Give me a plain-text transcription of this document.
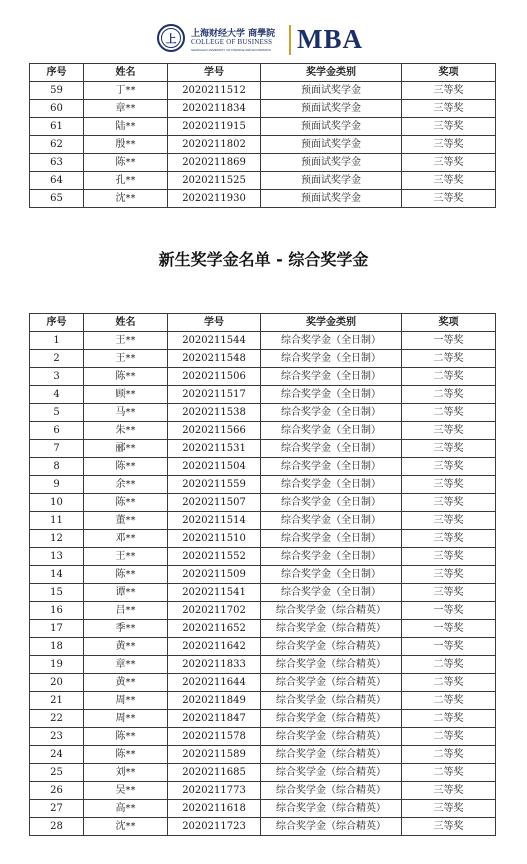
上 上海财经大学 商學院
COLLEGE OF BUSINESS
SHANGHAI UNIVERSITY OF FINANCE AND ECONOMICS MBA
序号	姓名	学号	奖学金类别	奖项
59	丁**	2020211512	预面试奖学金	三等奖
60	章**	2020211834	预面试奖学金	三等奖
61	陆**	2020211915	预面试奖学金	三等奖
62	殷**	2020211802	预面试奖学金	三等奖
63	陈**	2020211869	预面试奖学金	三等奖
64	孔**	2020211525	预面试奖学金	三等奖
65	沈**	2020211930	预面试奖学金	三等奖
新生奖学金名单 - 综合奖学金
序号	姓名	学号	奖学金类别	奖项
1	王**	2020211544	综合奖学金（全日制）	一等奖
2	王**	2020211548	综合奖学金（全日制）	二等奖
3	陈**	2020211506	综合奖学金（全日制）	二等奖
4	顾**	2020211517	综合奖学金（全日制）	二等奖
5	马**	2020211538	综合奖学金（全日制）	二等奖
6	朱**	2020211566	综合奖学金（全日制）	三等奖
7	郦**	2020211531	综合奖学金（全日制）	三等奖
8	陈**	2020211504	综合奖学金（全日制）	三等奖
9	余**	2020211559	综合奖学金（全日制）	三等奖
10	陈**	2020211507	综合奖学金（全日制）	三等奖
11	董**	2020211514	综合奖学金（全日制）	三等奖
12	邓**	2020211510	综合奖学金（全日制）	三等奖
13	王**	2020211552	综合奖学金（全日制）	三等奖
14	陈**	2020211509	综合奖学金（全日制）	三等奖
15	谭**	2020211541	综合奖学金（全日制）	三等奖
16	吕**	2020211702	综合奖学金（综合精英）	一等奖
17	季**	2020211652	综合奖学金（综合精英）	一等奖
18	黄**	2020211642	综合奖学金（综合精英）	一等奖
19	章**	2020211833	综合奖学金（综合精英）	二等奖
20	黄**	2020211644	综合奖学金（综合精英）	二等奖
21	周**	2020211849	综合奖学金（综合精英）	二等奖
22	周**	2020211847	综合奖学金（综合精英）	二等奖
23	陈**	2020211578	综合奖学金（综合精英）	二等奖
24	陈**	2020211589	综合奖学金（综合精英）	二等奖
25	刘**	2020211685	综合奖学金（综合精英）	二等奖
26	吴**	2020211773	综合奖学金（综合精英）	三等奖
27	高**	2020211618	综合奖学金（综合精英）	三等奖
28	沈**	2020211723	综合奖学金（综合精英）	三等奖
